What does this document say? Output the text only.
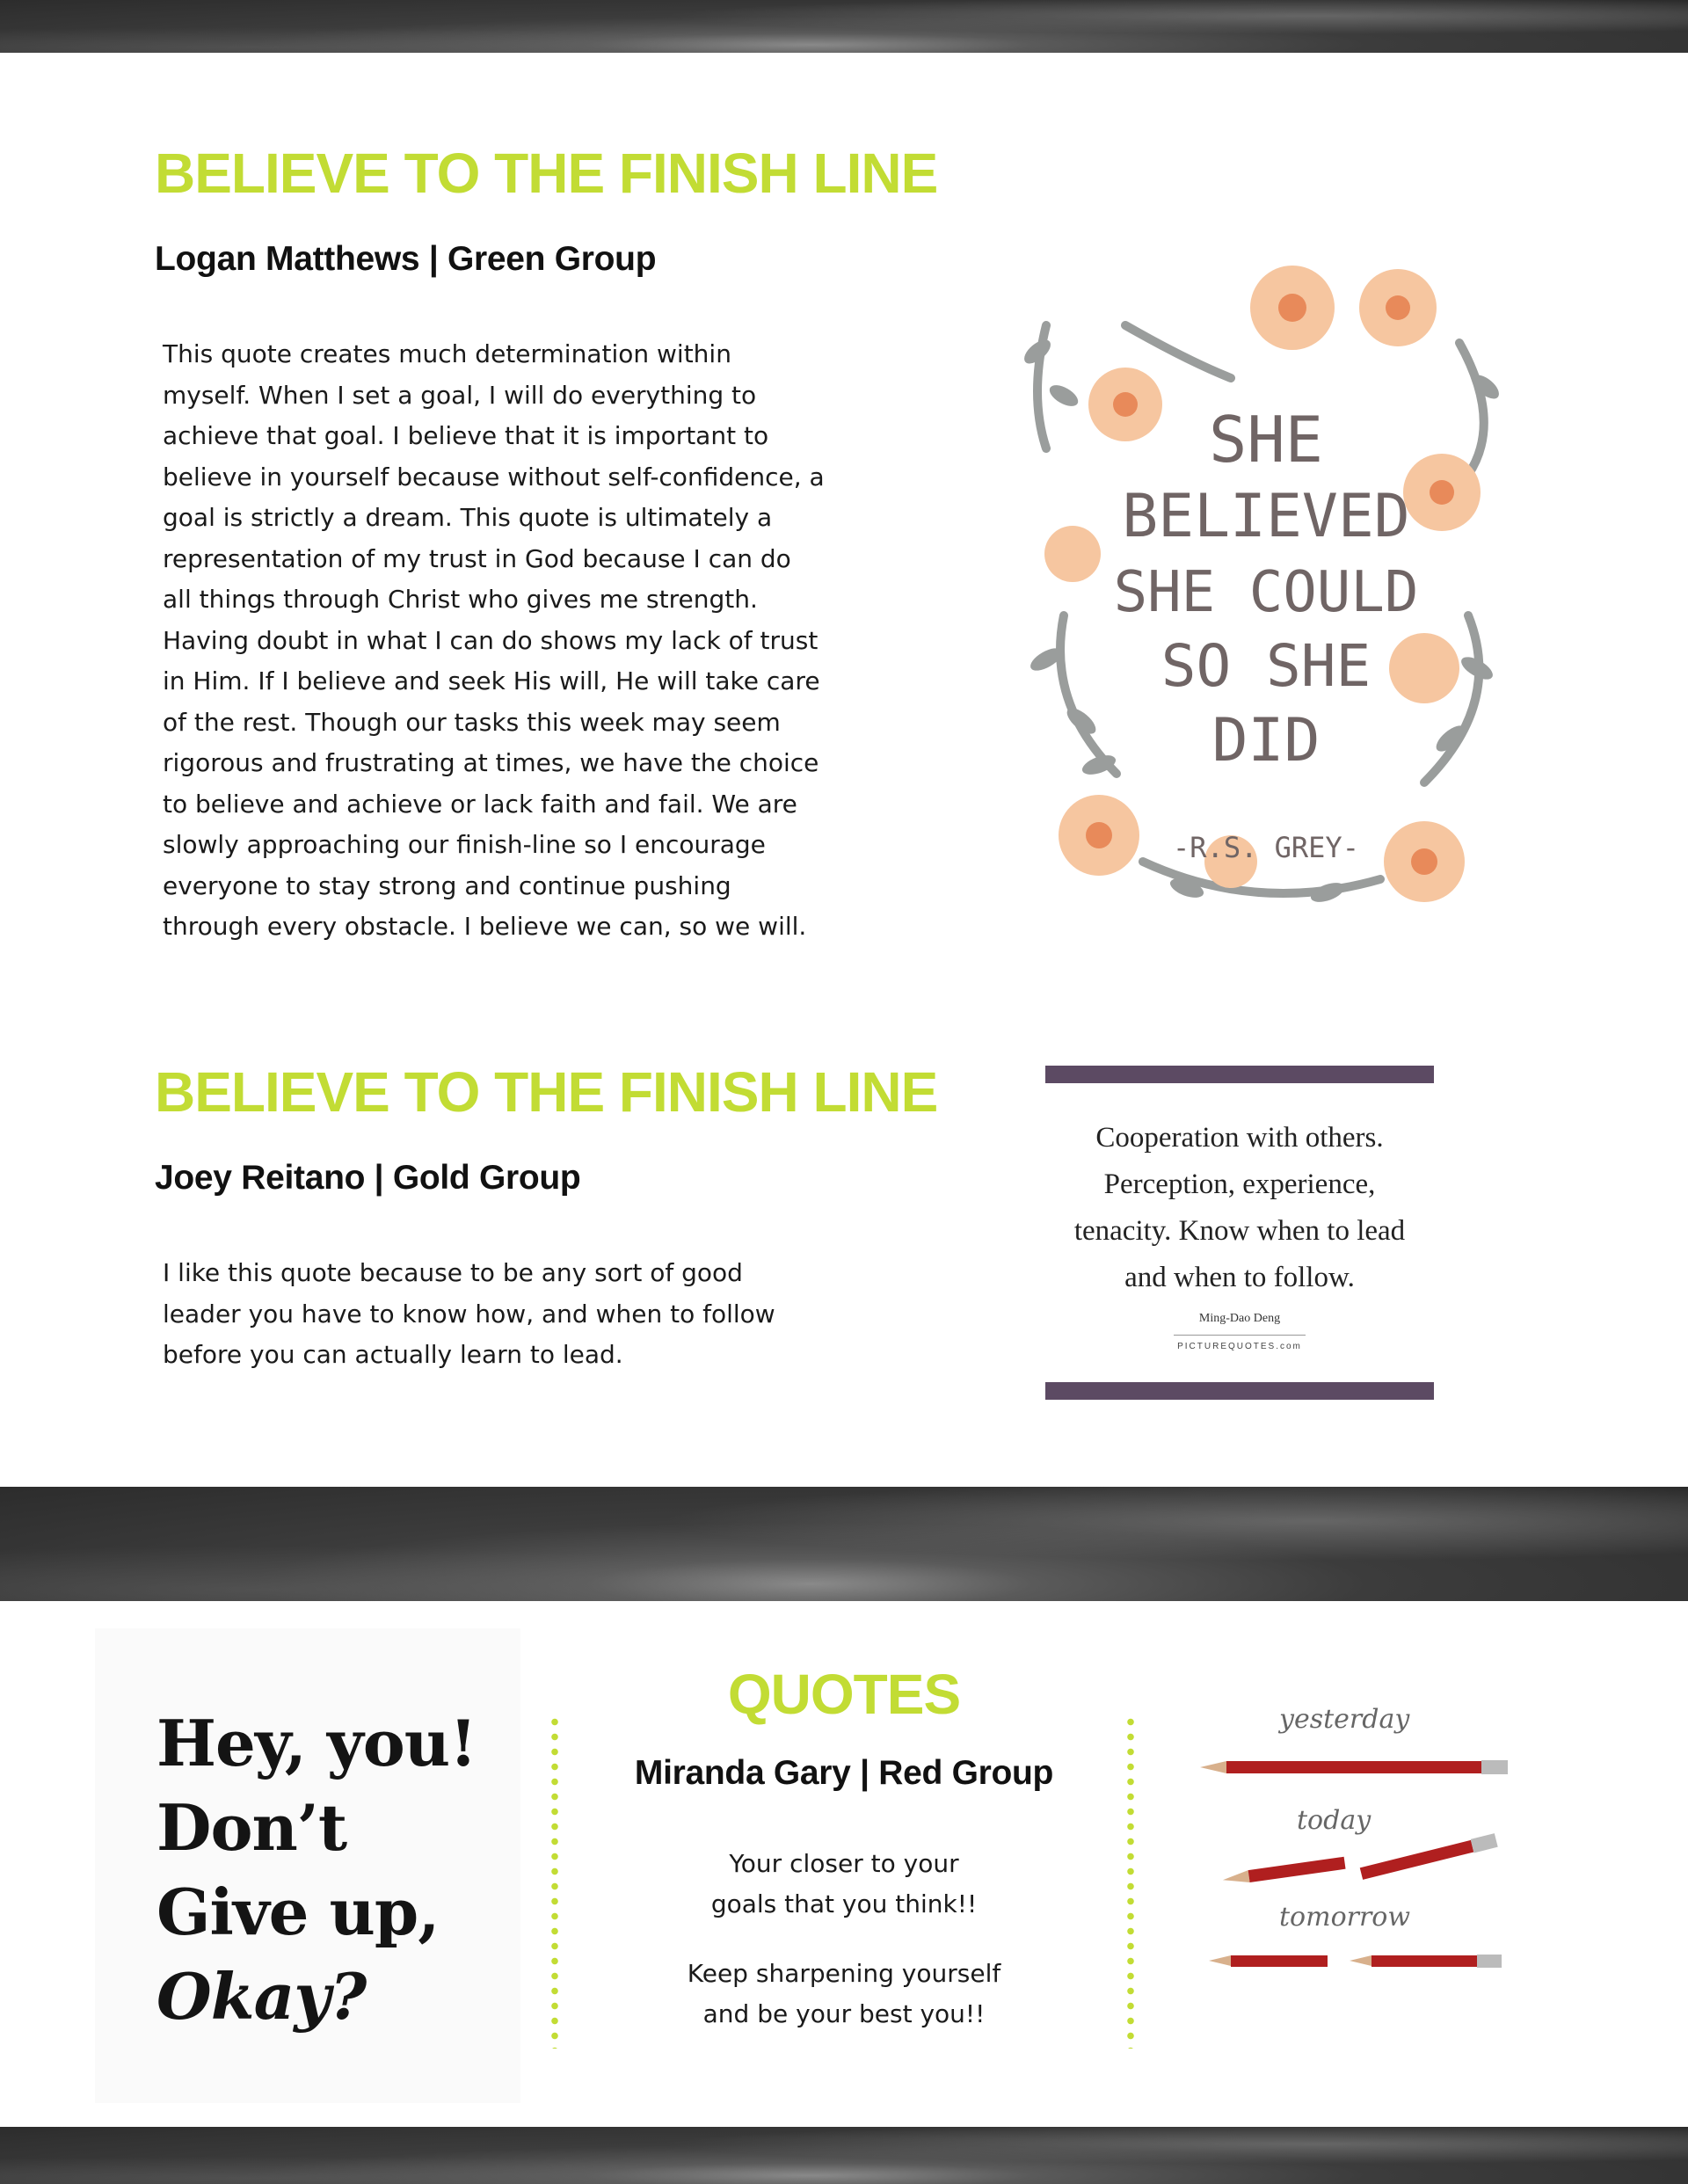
BELIEVE TO THE FINISH LINE
Logan Matthews | Green Group
This quote creates much determination within
myself. When I set a goal, I will do everything to
achieve that goal. I believe that it is important to
believe in yourself because without self-confidence, a
goal is strictly a dream. This quote is ultimately a
representation of my trust in God because I can do
all things through Christ who gives me strength.
Having doubt in what I can do shows my lack of trust
in Him. If I believe and seek His will, He will take care
of the rest. Though our tasks this week may seem
rigorous and frustrating at times, we have the choice
to believe and achieve or lack faith and fail. We are
slowly approaching our finish-line so I encourage
everyone to stay strong and continue pushing
through every obstacle. I believe we can, so we will.
SHE
BELIEVED
SHE COULD
SO SHE
DID
-R.S. GREY-
BELIEVE TO THE FINISH LINE
Joey Reitano | Gold Group
I like this quote because to be any sort of good
leader you have to know how, and when to follow
before you can actually learn to lead.
Cooperation with others.
Perception, experience,
tenacity. Know when to lead
and when to follow.
Ming-Dao Deng
PICTUREQUOTES.com
Hey, you!
Don’t
Give up,
Okay?
QUOTES
Miranda Gary | Red Group
Your closer to your
goals that you think!!
Keep sharpening yourself
and be your best you!!
yesterday
today
tomorrow
